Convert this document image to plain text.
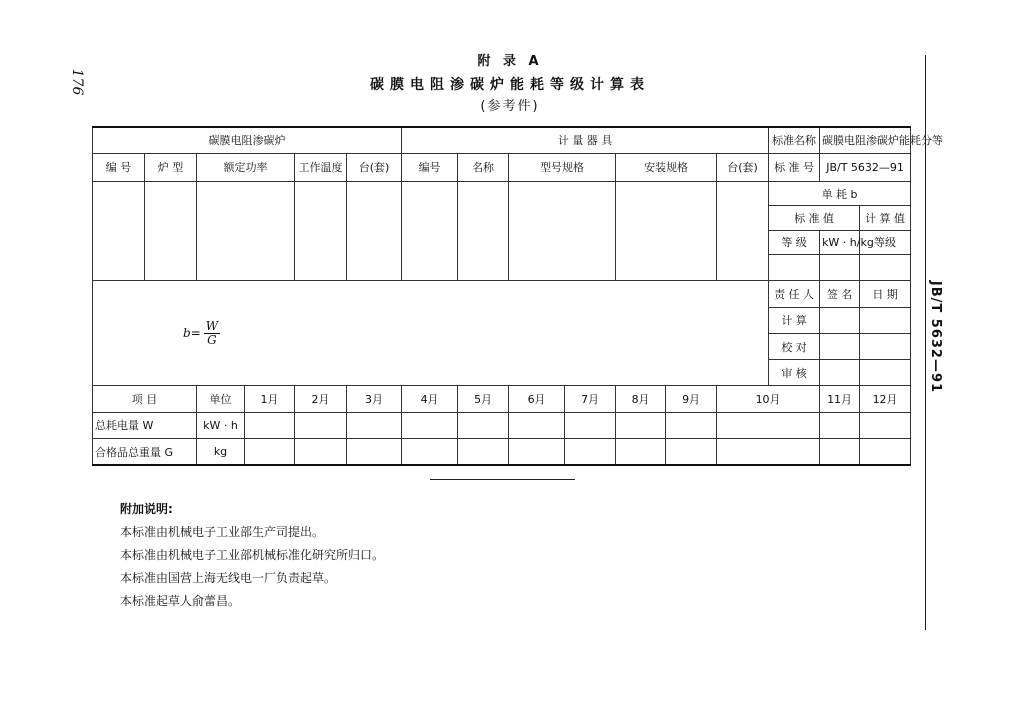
176
JB/T 5632—91
附 录 A
碳膜电阻渗碳炉能耗等级计算表
(参考件)
碳膜电阻渗碳炉						计 量 器 具							标准名称	碳膜电阻渗碳炉能耗分等		
编 号	炉 型	额定功率		工作温度	台(套)	编号	名称	型号规格		安装规格		台(套)	标 准 号	JB/T 5632—91		
													单 耗 b			
													标 准 值		计 算 值	
													等 级	kW · h/kg	等级	

$b = \frac{W}{G}$													责 任 人	签 名	日 期	
													计 算			
													校 对			
													审 核			
项 目		单位	1月	2月	3月	4月	5月	6月	7月	8月	9月	10月		11月	12月	
总耗电量 W		kW · h														
合格品总重量 G		kg														
附加说明:
本标准由机械电子工业部生产司提出。
本标准由机械电子工业部机械标准化研究所归口。
本标准由国营上海无线电一厂负责起草。
本标准起草人俞蕾昌。
